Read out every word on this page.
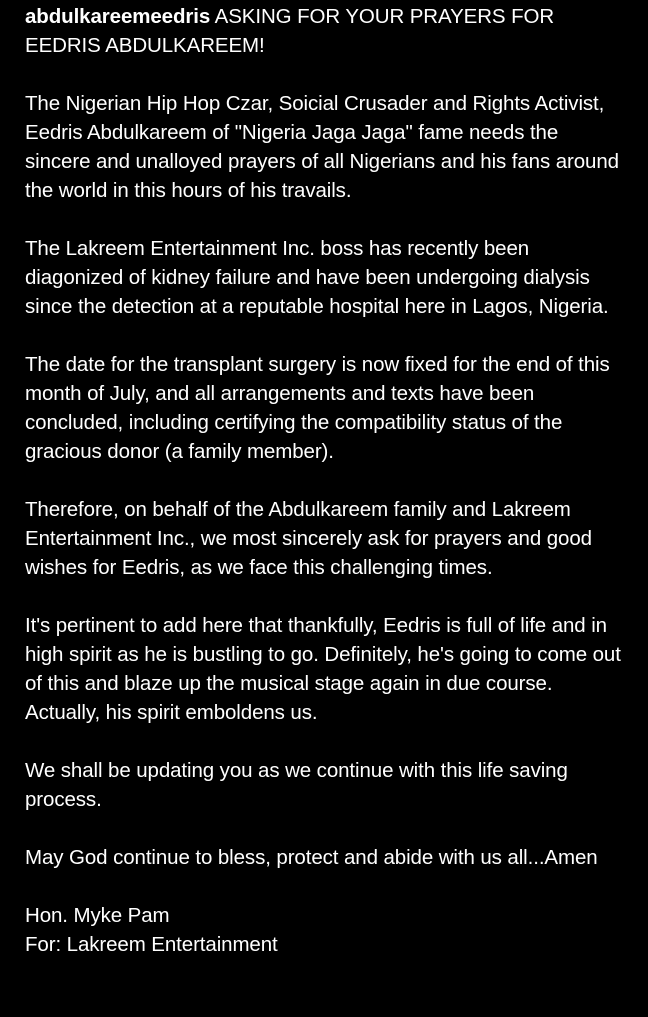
abdulkareemeedris ASKING FOR YOUR PRAYERS FOR EEDRIS ABDULKAREEM!
The Nigerian Hip Hop Czar, Soicial Crusader and Rights Activist, Eedris Abdulkareem of "Nigeria Jaga Jaga" fame needs the sincere and unalloyed prayers of all Nigerians and his fans around the world in this hours of his travails.
The Lakreem Entertainment Inc. boss has recently been diagonized of kidney failure and have been undergoing dialysis since the detection at a reputable hospital here in Lagos, Nigeria.
The date for the transplant surgery is now fixed for the end of this month of July, and all arrangements and texts have been concluded, including certifying the compatibility status of the gracious donor (a family member).
Therefore, on behalf of the Abdulkareem family and Lakreem Entertainment Inc., we most sincerely ask for prayers and good wishes for Eedris, as we face this challenging times.
It's pertinent to add here that thankfully, Eedris is full of life and in high spirit as he is bustling to go. Definitely, he's going to come out of this and blaze up the musical stage again in due course.
Actually, his spirit emboldens us.
We shall be updating you as we continue with this life saving process.
May God continue to bless, protect and abide with us all...Amen
Hon. Myke Pam
For: Lakreem Entertainment
